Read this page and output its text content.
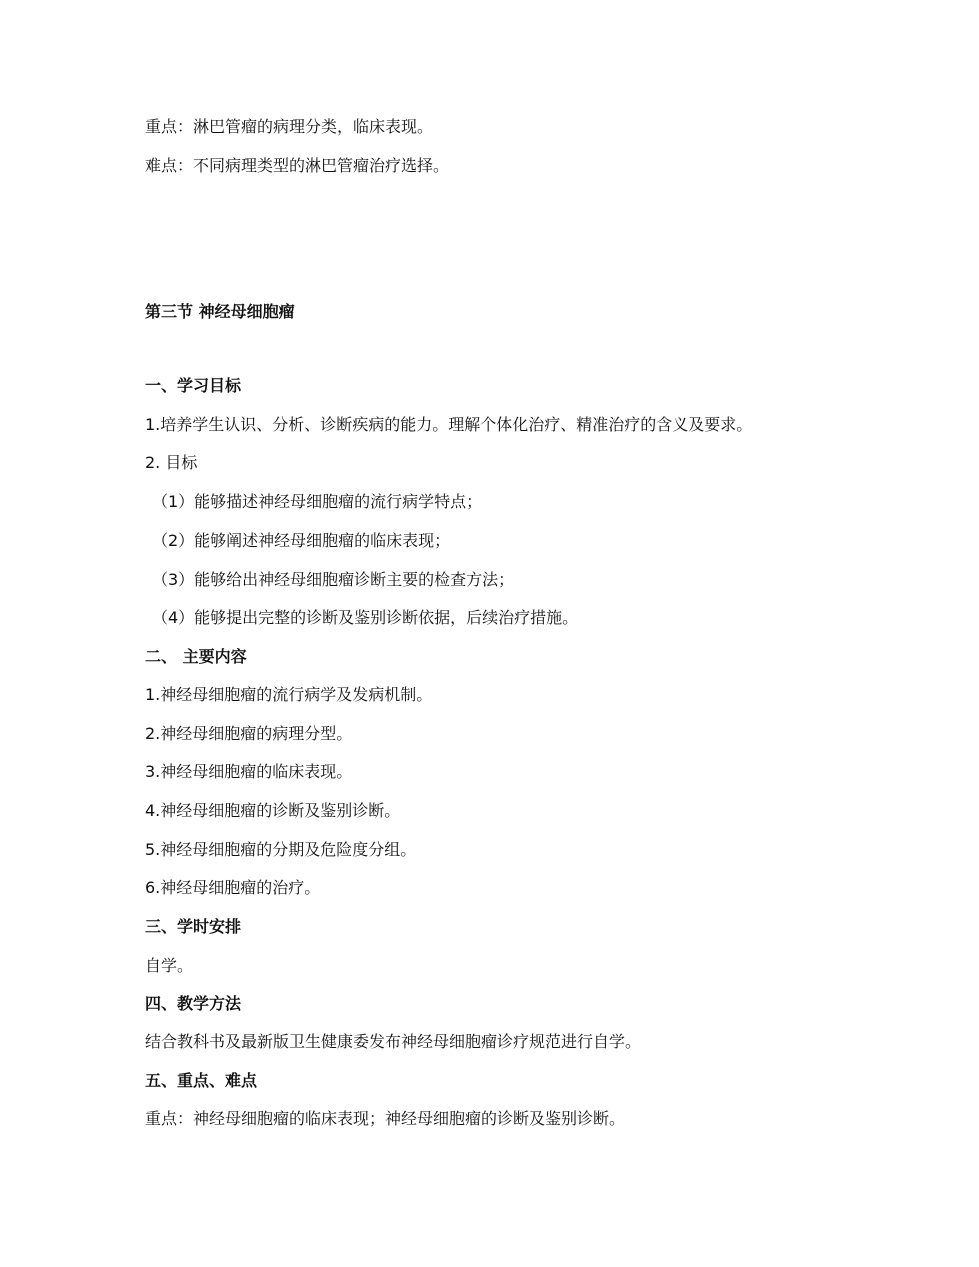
重点：淋巴管瘤的病理分类，临床表现。
难点：不同病理类型的淋巴管瘤治疗选择。
第三节 神经母细胞瘤
一、学习目标
1.培养学生认识、分析、诊断疾病的能力。理解个体化治疗、精准治疗的含义及要求。
2. 目标
（1）能够描述神经母细胞瘤的流行病学特点；
（2）能够阐述神经母细胞瘤的临床表现；
（3）能够给出神经母细胞瘤诊断主要的检查方法；
（4）能够提出完整的诊断及鉴别诊断依据，后续治疗措施。
二、 主要内容
1.神经母细胞瘤的流行病学及发病机制。
2.神经母细胞瘤的病理分型。
3.神经母细胞瘤的临床表现。
4.神经母细胞瘤的诊断及鉴别诊断。
5.神经母细胞瘤的分期及危险度分组。
6.神经母细胞瘤的治疗。
三、学时安排
自学。
四、教学方法
结合教科书及最新版卫生健康委发布神经母细胞瘤诊疗规范进行自学。
五、重点、难点
重点：神经母细胞瘤的临床表现；神经母细胞瘤的诊断及鉴别诊断。
